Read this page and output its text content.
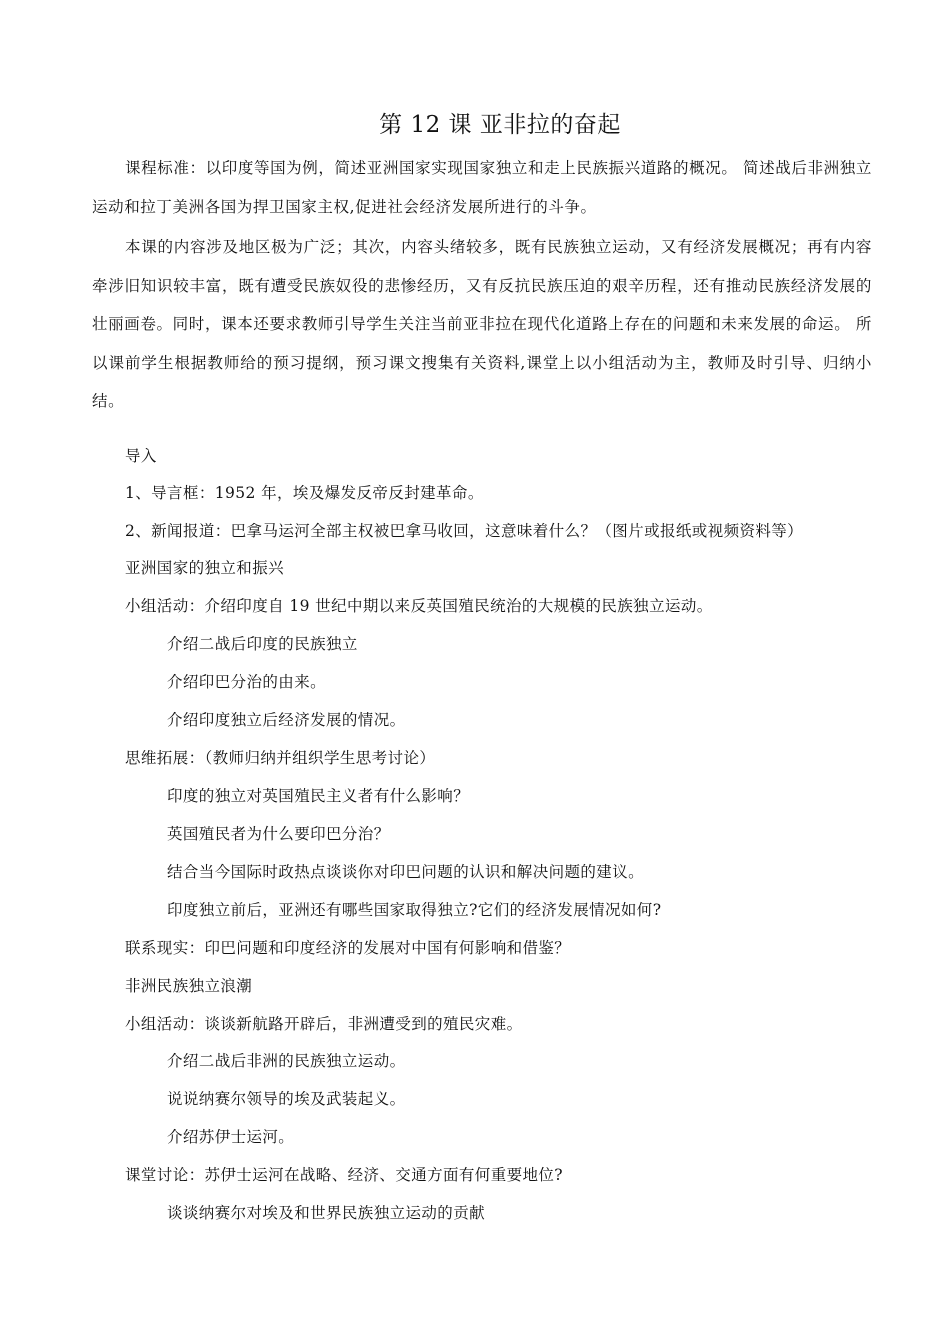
第 12 课 亚非拉的奋起
课程标准：以印度等国为例，简述亚洲国家实现国家独立和走上民族振兴道路的概况。 简述战后非洲独立运动和拉丁美洲各国为捍卫国家主权,促进社会经济发展所进行的斗争。
本课的内容涉及地区极为广泛；其次，内容头绪较多，既有民族独立运动，又有经济发展概况；再有内容牵涉旧知识较丰富，既有遭受民族奴役的悲惨经历，又有反抗民族压迫的艰辛历程，还有推动民族经济发展的壮丽画卷。同时，课本还要求教师引导学生关注当前亚非拉在现代化道路上存在的问题和未来发展的命运。 所以课前学生根据教师给的预习提纲，预习课文搜集有关资料,课堂上以小组活动为主，教师及时引导、归纳小结。
导入
1、导言框：1952 年，埃及爆发反帝反封建革命。
2、新闻报道：巴拿马运河全部主权被巴拿马收回，这意味着什么？（图片或报纸或视频资料等）
亚洲国家的独立和振兴
小组活动：介绍印度自 19 世纪中期以来反英国殖民统治的大规模的民族独立运动。
介绍二战后印度的民族独立
介绍印巴分治的由来。
介绍印度独立后经济发展的情况。
思维拓展：（教师归纳并组织学生思考讨论）
印度的独立对英国殖民主义者有什么影响？
英国殖民者为什么要印巴分治？
结合当今国际时政热点谈谈你对印巴问题的认识和解决问题的建议。
印度独立前后，亚洲还有哪些国家取得独立?它们的经济发展情况如何?
联系现实：印巴问题和印度经济的发展对中国有何影响和借鉴？
非洲民族独立浪潮
小组活动：谈谈新航路开辟后，非洲遭受到的殖民灾难。
介绍二战后非洲的民族独立运动。
说说纳赛尔领导的埃及武装起义。
介绍苏伊士运河。
课堂讨论：苏伊士运河在战略、经济、交通方面有何重要地位?
谈谈纳赛尔对埃及和世界民族独立运动的贡献
